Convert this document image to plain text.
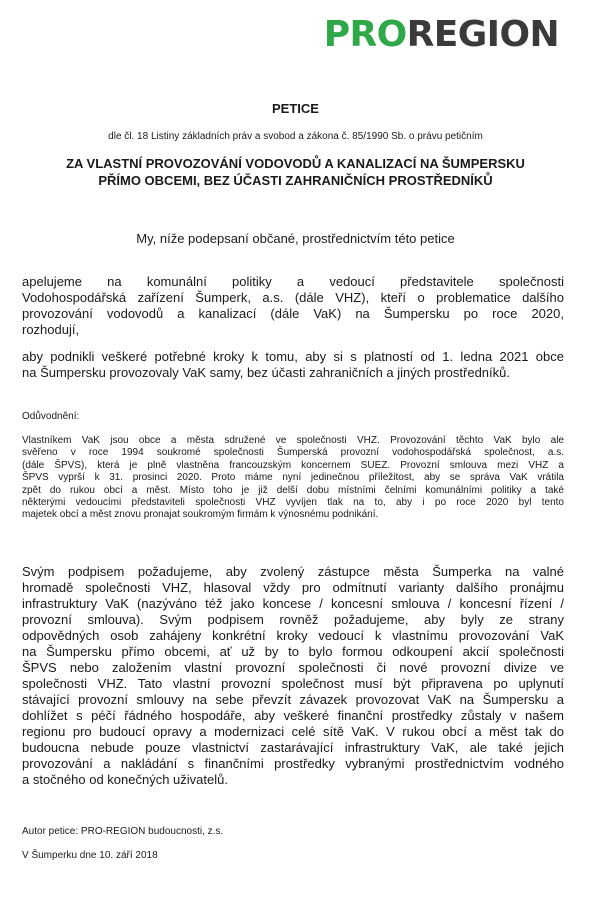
PROREGION
PETICE
dle čl. 18 Listiny základních práv a svobod a zákona č. 85/1990 Sb. o právu petičním
ZA VLASTNÍ PROVOZOVÁNÍ VODOVODŮ A KANALIZACÍ NA ŠUMPERSKU
PŘÍMO OBCEMI, BEZ ÚČASTI ZAHRANIČNÍCH PROSTŘEDNÍKŮ
My, níže podepsaní občané, prostřednictvím této petice
apelujeme na komunální politiky a vedoucí představitele společnosti
Vodohospodářská zařízení Šumperk, a.s. (dále VHZ), kteří o problematice dalšího
provozování vodovodů a kanalizací (dále VaK) na Šumpersku po roce 2020,
rozhodují,
aby podnikli veškeré potřebné kroky k tomu, aby si s platností od 1. ledna 2021 obce
na Šumpersku provozovaly VaK samy, bez účasti zahraničních a jiných prostředníků.
Odůvodnění:
Vlastníkem VaK jsou obce a města sdružené ve společnosti VHZ. Provozování těchto VaK bylo ale
svěřeno v roce 1994 soukromé společnosti Šumperská provozní vodohospodářská společnost, a.s.
(dále ŠPVS), která je plně vlastněna francouzským koncernem SUEZ. Provozní smlouva mezi VHZ a
ŠPVS vyprší k 31. prosinci 2020. Proto máme nyní jedinečnou příležitost, aby se správa VaK vrátila
zpět do rukou obcí a měst. Místo toho je již delší dobu místními čelními komunálními politiky a také
některými vedoucími představiteli společnosti VHZ vyvíjen tlak na to, aby i po roce 2020 byl tento
majetek obcí a měst znovu pronajat soukromým firmám k výnosnému podnikání.
Svým podpisem požadujeme, aby zvolený zástupce města Šumperka na valné
hromadě společnosti VHZ, hlasoval vždy pro odmítnutí varianty dalšího pronájmu
infrastruktury VaK (nazýváno též jako koncese / koncesní smlouva / koncesní řízení /
provozní smlouva). Svým podpisem rovněž požadujeme, aby byly ze strany
odpovědných osob zahájeny konkrétní kroky vedoucí k vlastnímu provozování VaK
na Šumpersku přímo obcemi, ať už by to bylo formou odkoupení akcií společnosti
ŠPVS nebo založením vlastní provozní společnosti či nové provozní divize ve
společnosti VHZ. Tato vlastní provozní společnost musí být připravena po uplynutí
stávající provozní smlouvy na sebe převzít závazek provozovat VaK na Šumpersku a
dohlížet s péčí řádného hospodáře, aby veškeré finanční prostředky zůstaly v našem
regionu pro budoucí opravy a modernizaci celé sítě VaK. V rukou obcí a měst tak do
budoucna nebude pouze vlastnictví zastarávající infrastruktury VaK, ale také jejich
provozování a nakládání s finančními prostředky vybranými prostřednictvím vodného
a stočného od konečných uživatelů.
Autor petice: PRO-REGION budoucnosti, z.s.
V Šumperku dne 10. září 2018
